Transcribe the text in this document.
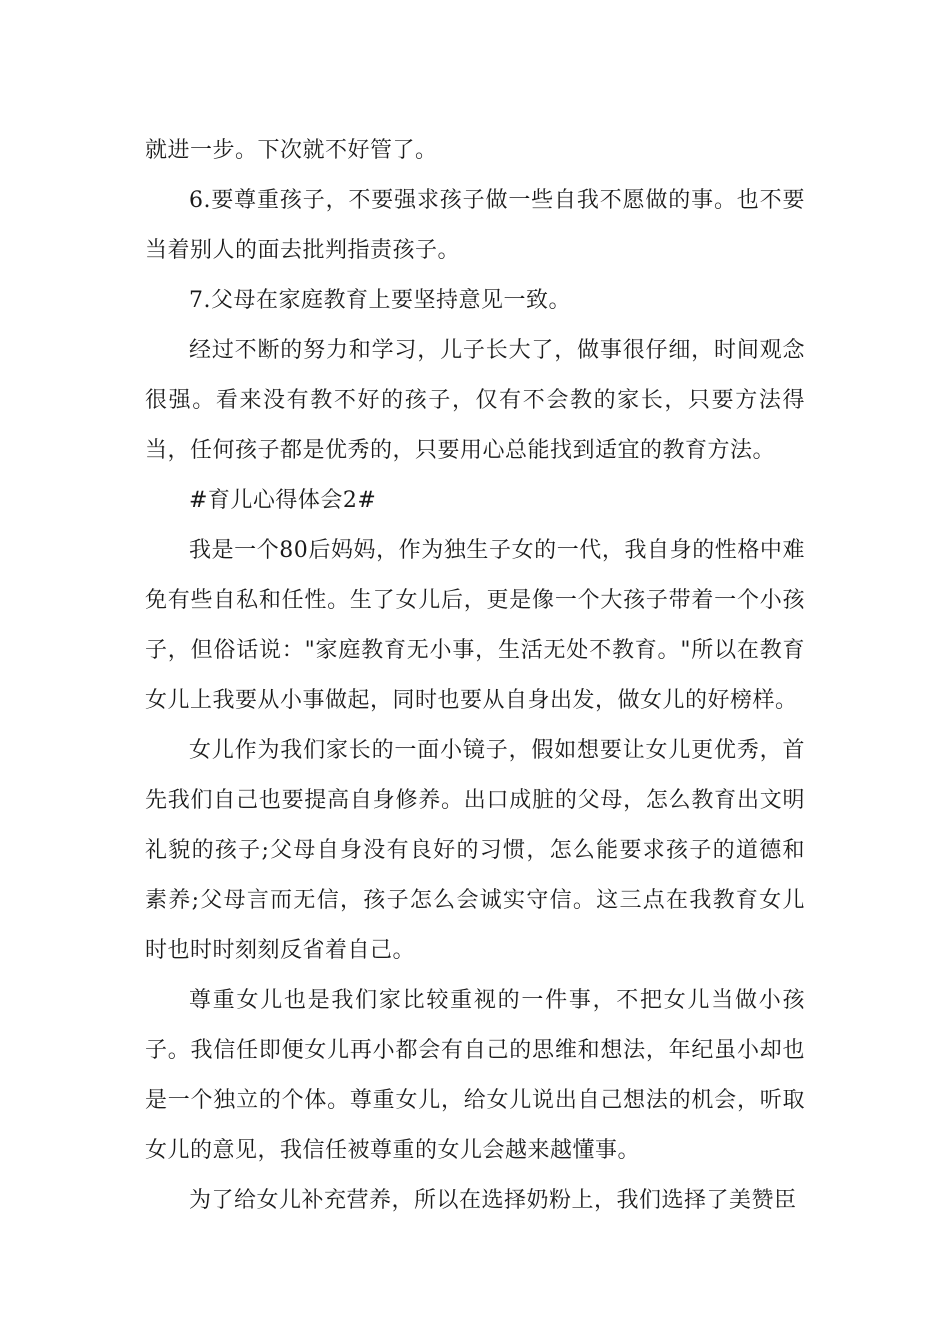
就进一步。下次就不好管了。

6.要尊重孩子，不要强求孩子做一些自我不愿做的事。也不要当着别人的面去批判指责孩子。

7.父母在家庭教育上要坚持意见一致。

经过不断的努力和学习，儿子长大了，做事很仔细，时间观念很强。看来没有教不好的孩子，仅有不会教的家长，只要方法得当，任何孩子都是优秀的，只要用心总能找到适宜的教育方法。

#育儿心得体会2#

我是一个80后妈妈，作为独生子女的一代，我自身的性格中难免有些自私和任性。生了女儿后，更是像一个大孩子带着一个小孩子，但俗话说："家庭教育无小事，生活无处不教育。"所以在教育女儿上我要从小事做起，同时也要从自身出发，做女儿的好榜样。

女儿作为我们家长的一面小镜子，假如想要让女儿更优秀，首先我们自己也要提高自身修养。出口成脏的父母，怎么教育出文明礼貌的孩子;父母自身没有良好的习惯，怎么能要求孩子的道德和素养;父母言而无信，孩子怎么会诚实守信。这三点在我教育女儿时也时时刻刻反省着自己。

尊重女儿也是我们家比较重视的一件事，不把女儿当做小孩子。我信任即便女儿再小都会有自己的思维和想法，年纪虽小却也是一个独立的个体。尊重女儿，给女儿说出自己想法的机会，听取女儿的意见，我信任被尊重的女儿会越来越懂事。

为了给女儿补充营养，所以在选择奶粉上，我们选择了美赞臣
